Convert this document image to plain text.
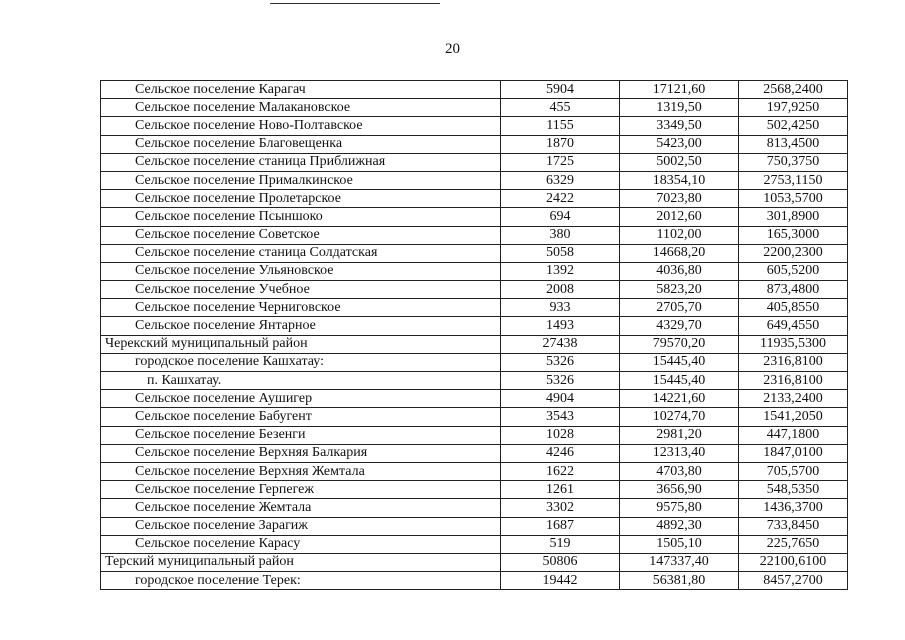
20
Сельское поселение Карагач	5904	17121,60	2568,2400
Сельское поселение Малакановское	455	1319,50	197,9250
Сельское поселение Ново-Полтавское	1155	3349,50	502,4250
Сельское поселение Благовещенка	1870	5423,00	813,4500
Сельское поселение станица Приближная	1725	5002,50	750,3750
Сельское поселение Прималкинское	6329	18354,10	2753,1150
Сельское поселение Пролетарское	2422	7023,80	1053,5700
Сельское поселение Псыншоко	694	2012,60	301,8900
Сельское поселение Советское	380	1102,00	165,3000
Сельское поселение станица Солдатская	5058	14668,20	2200,2300
Сельское поселение Ульяновское	1392	4036,80	605,5200
Сельское поселение Учебное	2008	5823,20	873,4800
Сельское поселение Черниговское	933	2705,70	405,8550
Сельское поселение Янтарное	1493	4329,70	649,4550
Черекский муниципальный район	27438	79570,20	11935,5300
городское поселение Кашхатау:	5326	15445,40	2316,8100
п. Кашхатау.	5326	15445,40	2316,8100
Сельское поселение Аушигер	4904	14221,60	2133,2400
Сельское поселение Бабугент	3543	10274,70	1541,2050
Сельское поселение Безенги	1028	2981,20	447,1800
Сельское поселение Верхняя Балкария	4246	12313,40	1847,0100
Сельское поселение Верхняя Жемтала	1622	4703,80	705,5700
Сельское поселение Герпегеж	1261	3656,90	548,5350
Сельское поселение Жемтала	3302	9575,80	1436,3700
Сельское поселение Зарагиж	1687	4892,30	733,8450
Сельское поселение Карасу	519	1505,10	225,7650
Терский муниципальный район	50806	147337,40	22100,6100
городское поселение Терек:	19442	56381,80	8457,2700
